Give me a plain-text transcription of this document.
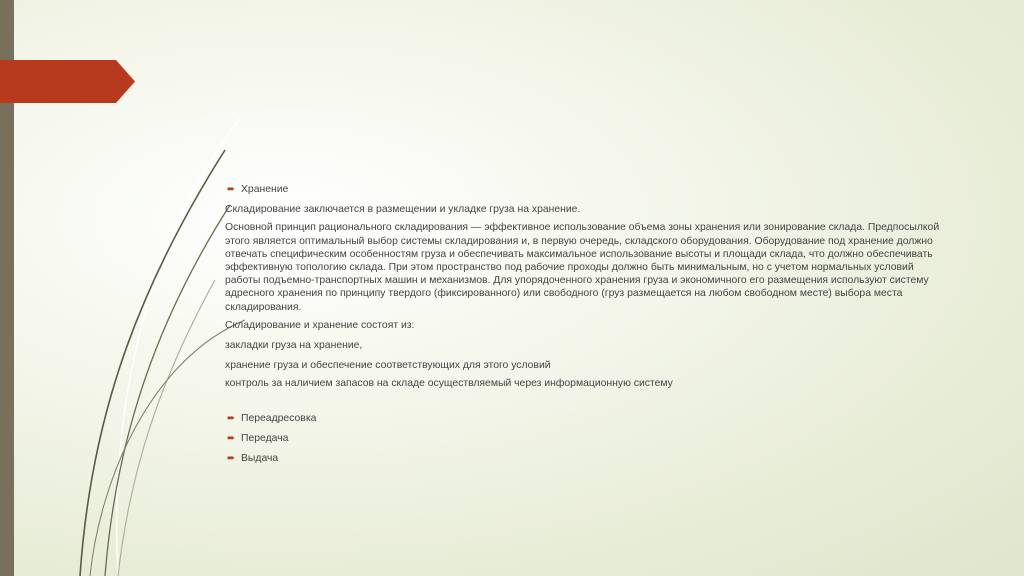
➨ Хранение

Складирование заключается в размещении и укладке груза на хранение.

Основной принцип рационального складирования — эффективное использование объема зоны хранения или зонирование склада. Предпосылкой этого является оптимальный выбор системы складирования и, в первую очередь, складского оборудования. Оборудование под хранение должно отвечать специфическим особенностям груза и обеспечивать максимальное использование высоты и площади склада, что должно обеспечивать эффективную топологию склада. При этом пространство под рабочие проходы должно быть минимальным, но с учетом нормальных условий работы подъемно-транспортных машин и механизмов. Для упорядоченного хранения груза и экономичного его размещения используют систему адресного хранения по принципу твердого (фиксированного) или свободного (груз размещается на любом свободном месте) выбора места складирования.

Складирование и хранение состоят из:

закладки груза на хранение,

хранение груза и обеспечение соответствующих для этого условий

контроль за наличием запасов на складе осуществляемый через информационную систему

➨ Переадресовка

➨ Передача

➨ Выдача
